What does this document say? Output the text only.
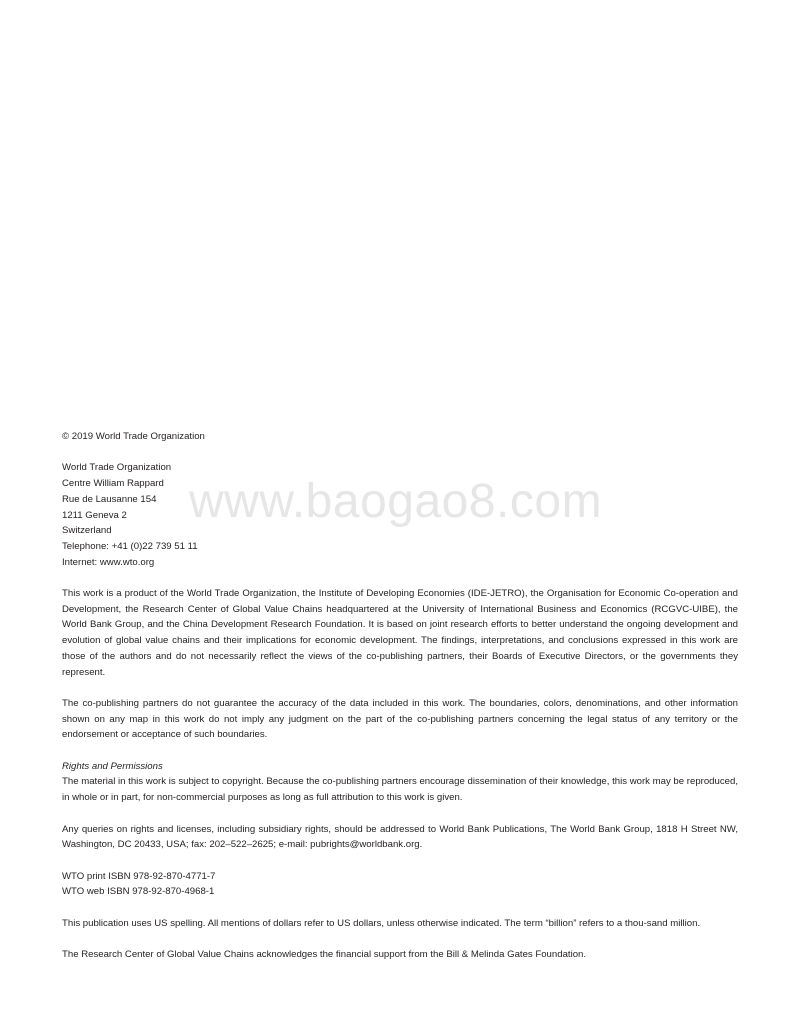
www.baogao8.com
© 2019 World Trade Organization
World Trade Organization
Centre William Rappard
Rue de Lausanne 154
1211 Geneva 2
Switzerland
Telephone: +41 (0)22 739 51 11
Internet: www.wto.org

This work is a product of the World Trade Organization, the Institute of Developing Economies (IDE-JETRO), the Organisation for Economic Co-operation and Development, the Research Center of Global Value Chains headquartered at the University of International Business and Economics (RCGVC-UIBE), the World Bank Group, and the China Development Research Foundation. It is based on joint research efforts to better understand the ongoing development and evolution of global value chains and their implications for economic development. The findings, interpretations, and conclusions expressed in this work are those of the authors and do not necessarily reflect the views of the co-publishing partners, their Boards of Executive Directors, or the governments they represent.

The co-publishing partners do not guarantee the accuracy of the data included in this work. The boundaries, colors, denominations, and other information shown on any map in this work do not imply any judgment on the part of the co-publishing partners concerning the legal status of any territory or the endorsement or acceptance of such boundaries.

Rights and Permissions
The material in this work is subject to copyright. Because the co-publishing partners encourage dissemination of their knowledge, this work may be reproduced, in whole or in part, for non-commercial purposes as long as full attribution to this work is given.

Any queries on rights and licenses, including subsidiary rights, should be addressed to World Bank Publications, The World Bank Group, 1818 H Street NW, Washington, DC 20433, USA; fax: 202–522–2625; e-mail: pubrights@worldbank.org.

WTO print ISBN 978-92-870-4771-7
WTO web ISBN 978-92-870-4968-1

This publication uses US spelling. All mentions of dollars refer to US dollars, unless otherwise indicated. The term “billion” refers to a thou-sand million.

The Research Center of Global Value Chains acknowledges the financial support from the Bill & Melinda Gates Foundation.
